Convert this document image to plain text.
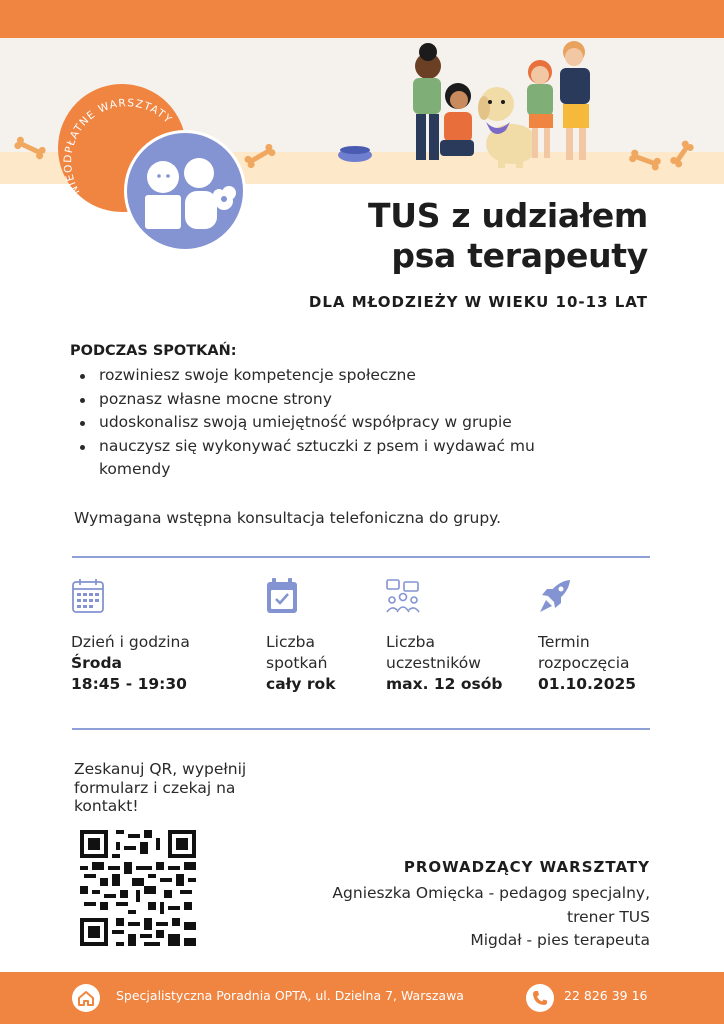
NIEODPŁATNE WARSZTATY
TUS z udziałem
psa terapeuty
DLA MŁODZIEŻY W WIEKU 10-13 LAT
PODCZAS SPOTKAŃ:
rozwiniesz swoje kompetencje społeczne
poznasz własne mocne strony
udoskonalisz swoją umiejętność współpracy w grupie
nauczysz się wykonywać sztuczki z psem i wydawać mu komendy
Wymagana wstępna konsultacja telefoniczna do grupy.
Dzień i godzina
Środa
18:45 - 19:30
Liczba spotkań
cały rok
Liczba uczestników
max. 12 osób
Termin rozpoczęcia
01.10.2025
Zeskanuj QR, wypełnij formularz i czekaj na kontakt!
PROWADZĄCY WARSZTATY
Agnieszka Omięcka - pedagog specjalny,
trener TUS
Migdał - pies terapeuta
Specjalistyczna Poradnia OPTA, ul. Dzielna 7, Warszawa	22 826 39 16
